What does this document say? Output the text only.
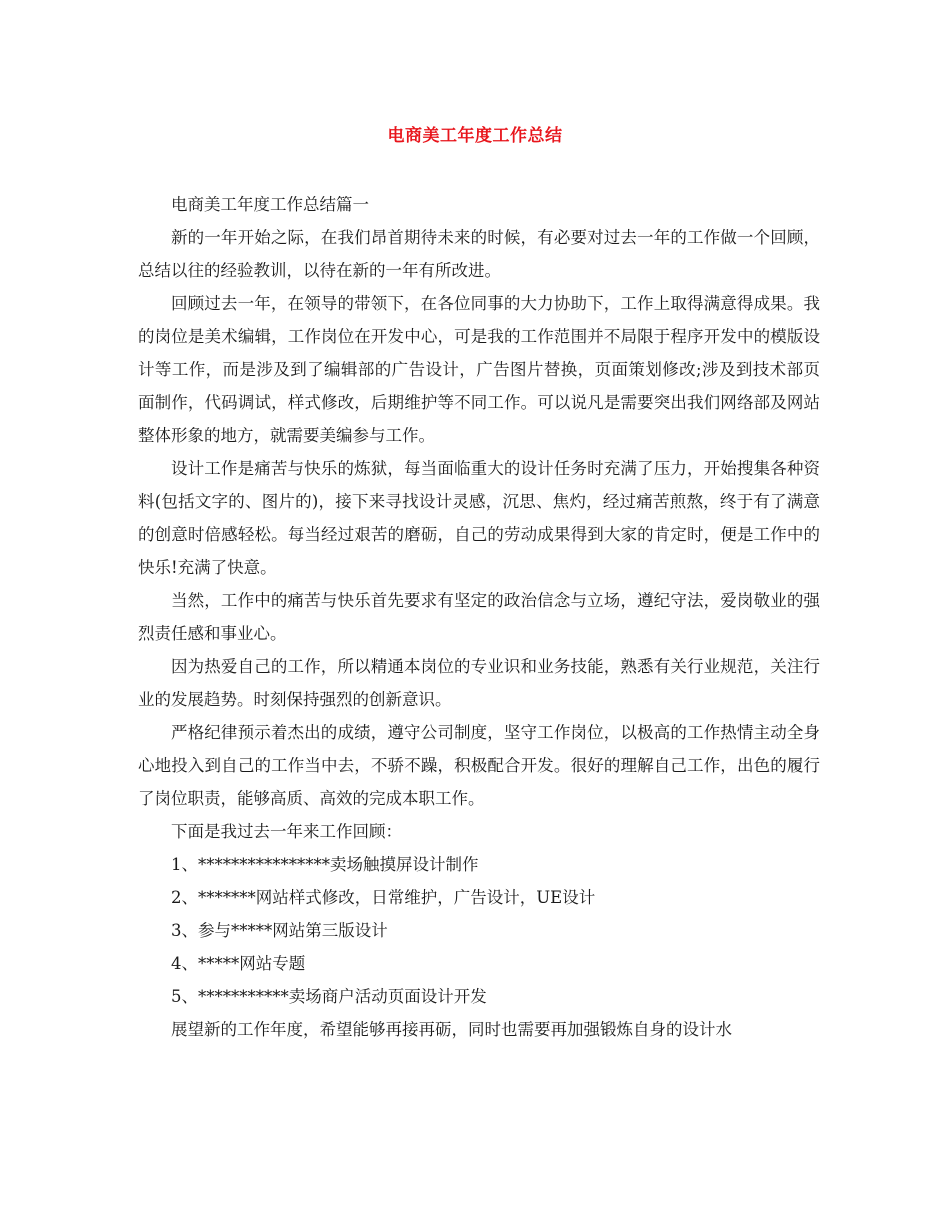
电商美工年度工作总结

电商美工年度工作总结篇一

新的一年开始之际，在我们昂首期待未来的时候，有必要对过去一年的工作做一个回顾，总结以往的经验教训，以待在新的一年有所改进。

回顾过去一年，在领导的带领下，在各位同事的大力协助下，工作上取得满意得成果。我的岗位是美术编辑，工作岗位在开发中心，可是我的工作范围并不局限于程序开发中的模版设计等工作，而是涉及到了编辑部的广告设计，广告图片替换，页面策划修改;涉及到技术部页面制作，代码调试，样式修改，后期维护等不同工作。可以说凡是需要突出我们网络部及网站整体形象的地方，就需要美编参与工作。

设计工作是痛苦与快乐的炼狱，每当面临重大的设计任务时充满了压力，开始搜集各种资料(包括文字的、图片的)，接下来寻找设计灵感，沉思、焦灼，经过痛苦煎熬，终于有了满意的创意时倍感轻松。每当经过艰苦的磨砺，自己的劳动成果得到大家的肯定时，便是工作中的快乐!充满了快意。

当然，工作中的痛苦与快乐首先要求有坚定的政治信念与立场，遵纪守法，爱岗敬业的强烈责任感和事业心。

因为热爱自己的工作，所以精通本岗位的专业识和业务技能，熟悉有关行业规范，关注行业的发展趋势。时刻保持强烈的创新意识。

严格纪律预示着杰出的成绩，遵守公司制度，坚守工作岗位，以极高的工作热情主动全身心地投入到自己的工作当中去，不骄不躁，积极配合开发。很好的理解自己工作，出色的履行了岗位职责，能够高质、高效的完成本职工作。

下面是我过去一年来工作回顾：

1、****************卖场触摸屏设计制作

2、*******网站样式修改，日常维护，广告设计，UE设计

3、参与*****网站第三版设计

4、*****网站专题

5、***********卖场商户活动页面设计开发

展望新的工作年度，希望能够再接再砺，同时也需要再加强锻炼自身的设计水
